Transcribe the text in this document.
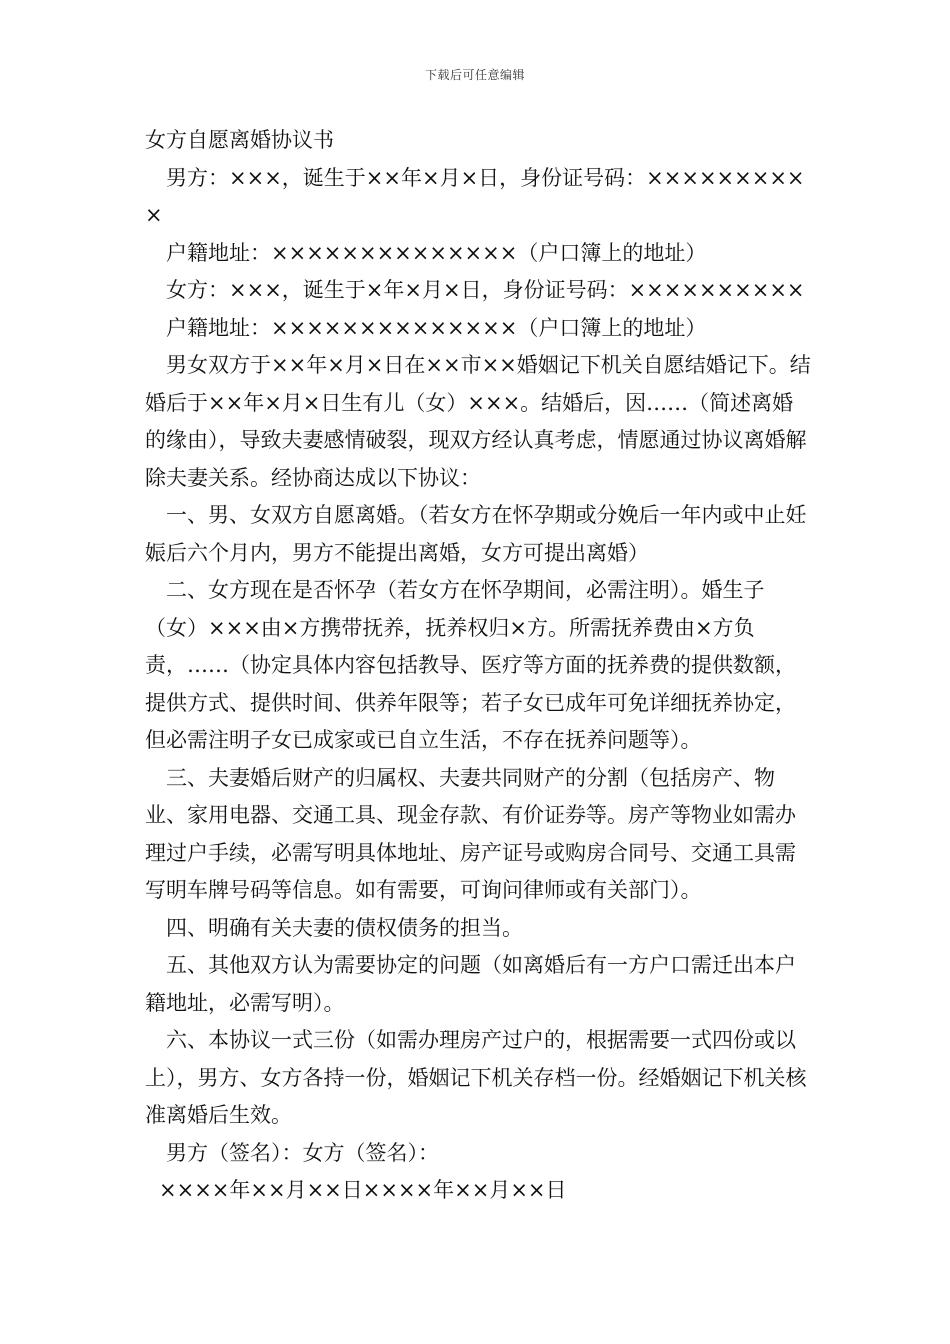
下载后可任意编辑

女方自愿离婚协议书

男方：×××，诞生于××年×月×日，身份证号码：××××××××××

户籍地址：××××××××××××××（户口簿上的地址）

女方：×××，诞生于×年×月×日，身份证号码：××××××××××

户籍地址：××××××××××××××（户口簿上的地址）

男女双方于××年×月×日在××市××婚姻记下机关自愿结婚记下。结婚后于××年×月×日生有儿（女）×××。结婚后，因……（简述离婚的缘由），导致夫妻感情破裂，现双方经认真考虑，情愿通过协议离婚解除夫妻关系。经协商达成以下协议：

一、男、女双方自愿离婚。（若女方在怀孕期或分娩后一年内或中止妊娠后六个月内，男方不能提出离婚，女方可提出离婚）

二、女方现在是否怀孕（若女方在怀孕期间，必需注明）。婚生子（女）×××由×方携带抚养，抚养权归×方。所需抚养费由×方负责，……（协定具体内容包括教导、医疗等方面的抚养费的提供数额，提供方式、提供时间、供养年限等；若子女已成年可免详细抚养协定，但必需注明子女已成家或已自立生活，不存在抚养问题等）。

三、夫妻婚后财产的归属权、夫妻共同财产的分割（包括房产、物业、家用电器、交通工具、现金存款、有价证券等。房产等物业如需办理过户手续，必需写明具体地址、房产证号或购房合同号、交通工具需写明车牌号码等信息。如有需要，可询问律师或有关部门）。

四、明确有关夫妻的债权债务的担当。

五、其他双方认为需要协定的问题（如离婚后有一方户口需迁出本户籍地址，必需写明）。

六、本协议一式三份（如需办理房产过户的，根据需要一式四份或以上），男方、女方各持一份，婚姻记下机关存档一份。经婚姻记下机关核准离婚后生效。

男方（签名）：女方（签名）：

××××年××月××日××××年××月××日
